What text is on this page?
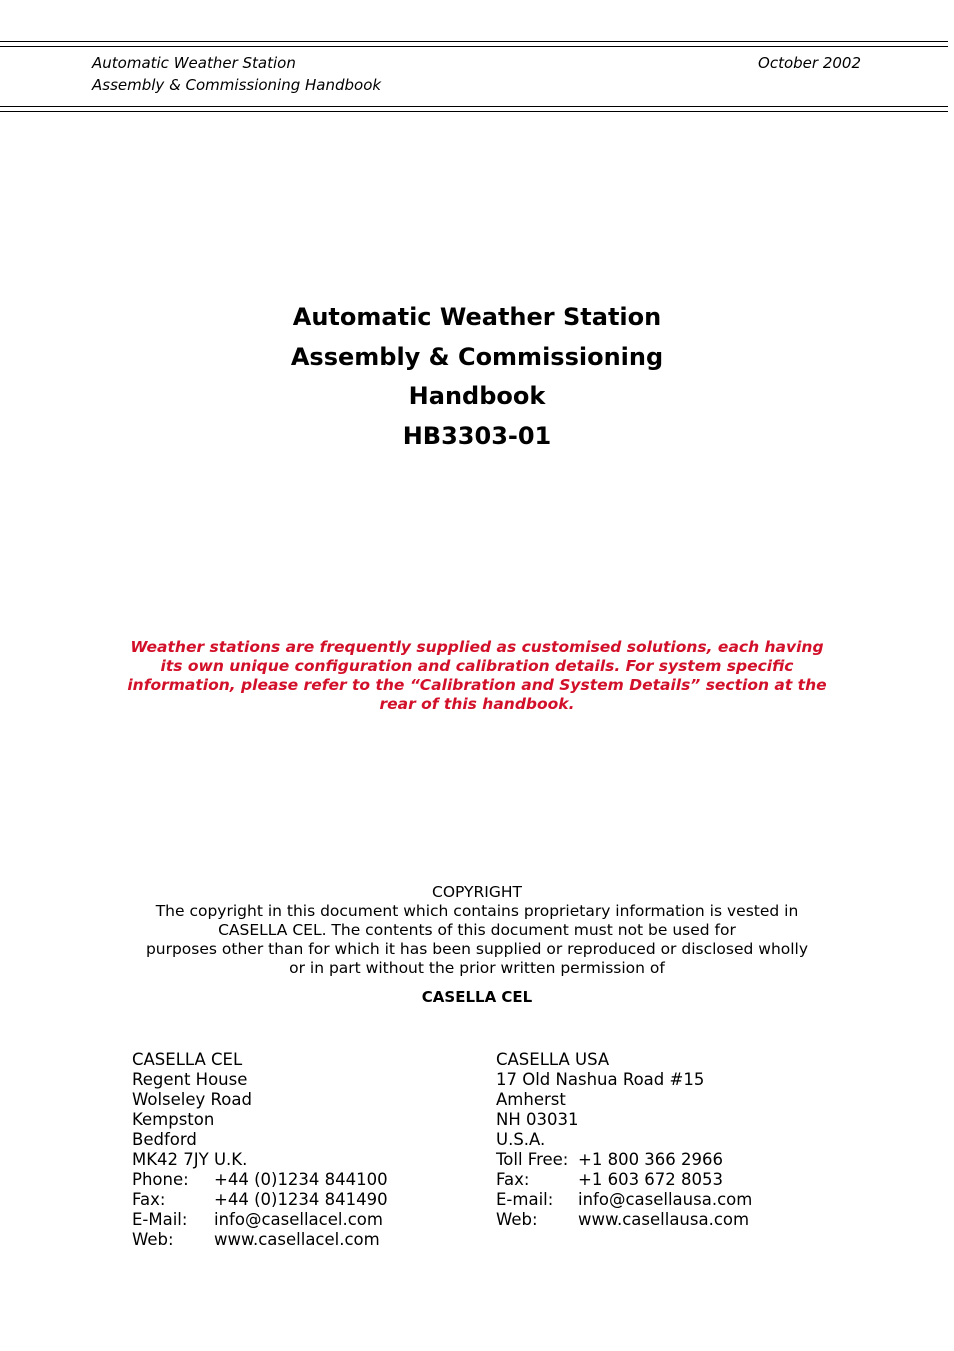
Automatic Weather Station
Assembly & Commissioning Handbook
October 2002
Automatic Weather Station
Assembly & Commissioning
Handbook
HB3303-01
Weather stations are frequently supplied as customised solutions, each having its own unique configuration and calibration details. For system specific information, please refer to the “Calibration and System Details” section at the rear of this handbook.
COPYRIGHT
The copyright in this document which contains proprietary information is vested in
CASELLA CEL. The contents of this document must not be used for
purposes other than for which it has been supplied or reproduced or disclosed wholly
or in part without the prior written permission of
CASELLA CEL
CASELLA CEL
Regent House
Wolseley Road
Kempston
Bedford
MK42 7JY U.K.
Phone:	+44 (0)1234 844100
Fax:	+44 (0)1234 841490
E-Mail:	info@casellacel.com
Web:	www.casellacel.com
CASELLA USA
17 Old Nashua Road #15
Amherst
NH 03031
U.S.A.
Toll Free: +1 800 366 2966
Fax:	+1 603 672 8053
E-mail:	info@casellausa.com
Web:	www.casellausa.com
